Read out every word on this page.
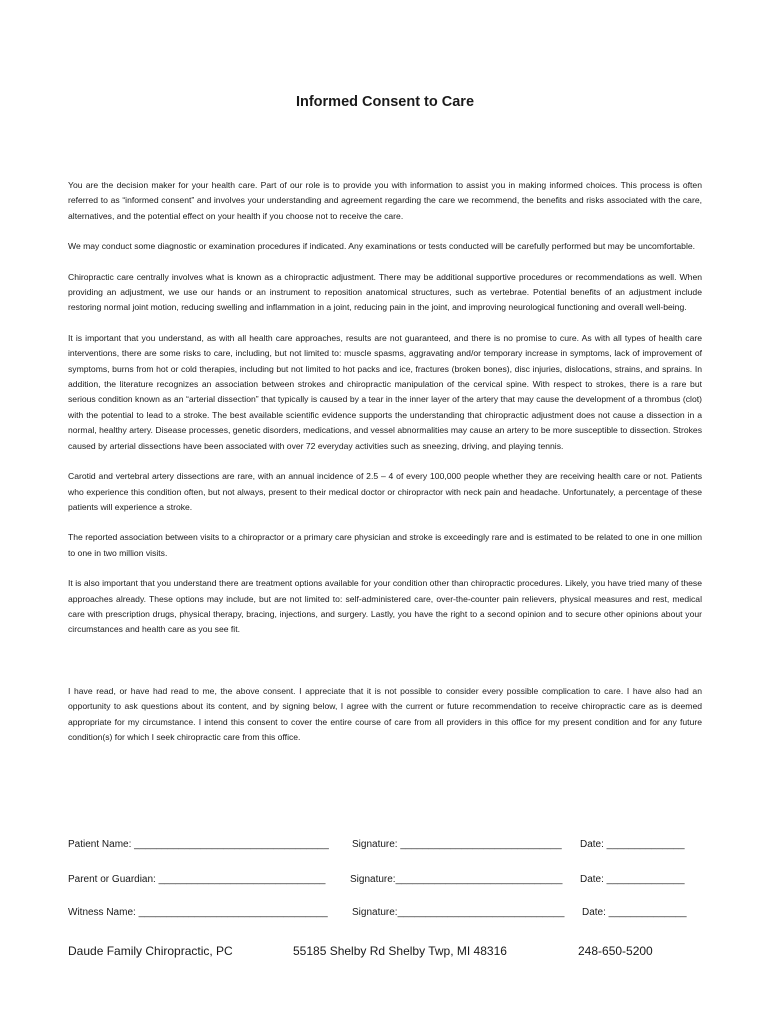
Informed Consent to Care

You are the decision maker for your health care. Part of our role is to provide you with information to assist you in making informed choices. This process is often referred to as “informed consent” and involves your understanding and agreement regarding the care we recommend, the benefits and risks associated with the care, alternatives, and the potential effect on your health if you choose not to receive the care.

We may conduct some diagnostic or examination procedures if indicated. Any examinations or tests conducted will be carefully performed but may be uncomfortable.

Chiropractic care centrally involves what is known as a chiropractic adjustment. There may be additional supportive procedures or recommendations as well. When providing an adjustment, we use our hands or an instrument to reposition anatomical structures, such as vertebrae. Potential benefits of an adjustment include restoring normal joint motion, reducing swelling and inflammation in a joint, reducing pain in the joint, and improving neurological functioning and overall well-being.

It is important that you understand, as with all health care approaches, results are not guaranteed, and there is no promise to cure. As with all types of health care interventions, there are some risks to care, including, but not limited to: muscle spasms, aggravating and/or temporary increase in symptoms, lack of improvement of symptoms, burns from hot or cold therapies, including but not limited to hot packs and ice, fractures (broken bones), disc injuries, dislocations, strains, and sprains. In addition, the literature recognizes an association between strokes and chiropractic manipulation of the cervical spine. With respect to strokes, there is a rare but serious condition known as an “arterial dissection” that typically is caused by a tear in the inner layer of the artery that may cause the development of a thrombus (clot) with the potential to lead to a stroke. The best available scientific evidence supports the understanding that chiropractic adjustment does not cause a dissection in a normal, healthy artery. Disease processes, genetic disorders, medications, and vessel abnormalities may cause an artery to be more susceptible to dissection. Strokes caused by arterial dissections have been associated with over 72 everyday activities such as sneezing, driving, and playing tennis.

Carotid and vertebral artery dissections are rare, with an annual incidence of 2.5 – 4 of every 100,000 people whether they are receiving health care or not. Patients who experience this condition often, but not always, present to their medical doctor or chiropractor with neck pain and headache. Unfortunately, a percentage of these patients will experience a stroke.

The reported association between visits to a chiropractor or a primary care physician and stroke is exceedingly rare and is estimated to be related to one in one million to one in two million visits.

It is also important that you understand there are treatment options available for your condition other than chiropractic procedures. Likely, you have tried many of these approaches already. These options may include, but are not limited to: self-administered care, over-the-counter pain relievers, physical measures and rest, medical care with prescription drugs, physical therapy, bracing, injections, and surgery. Lastly, you have the right to a second opinion and to secure other opinions about your circumstances and health care as you see fit.

I have read, or have had read to me, the above consent. I appreciate that it is not possible to consider every possible complication to care. I have also had an opportunity to ask questions about its content, and by signing below, I agree with the current or future recommendation to receive chiropractic care as is deemed appropriate for my circumstance. I intend this consent to cover the entire course of care from all providers in this office for my present condition and for any future condition(s) for which I seek chiropractic care from this office.

Patient Name: ___________________________________ Signature: _____________________________ Date: ______________
Parent or Guardian: ______________________________ Signature:______________________________ Date: ______________
Witness Name: __________________________________ Signature:______________________________ Date: ______________
Daude Family Chiropractic, PC	55185 Shelby Rd Shelby Twp, MI 48316	248-650-5200
